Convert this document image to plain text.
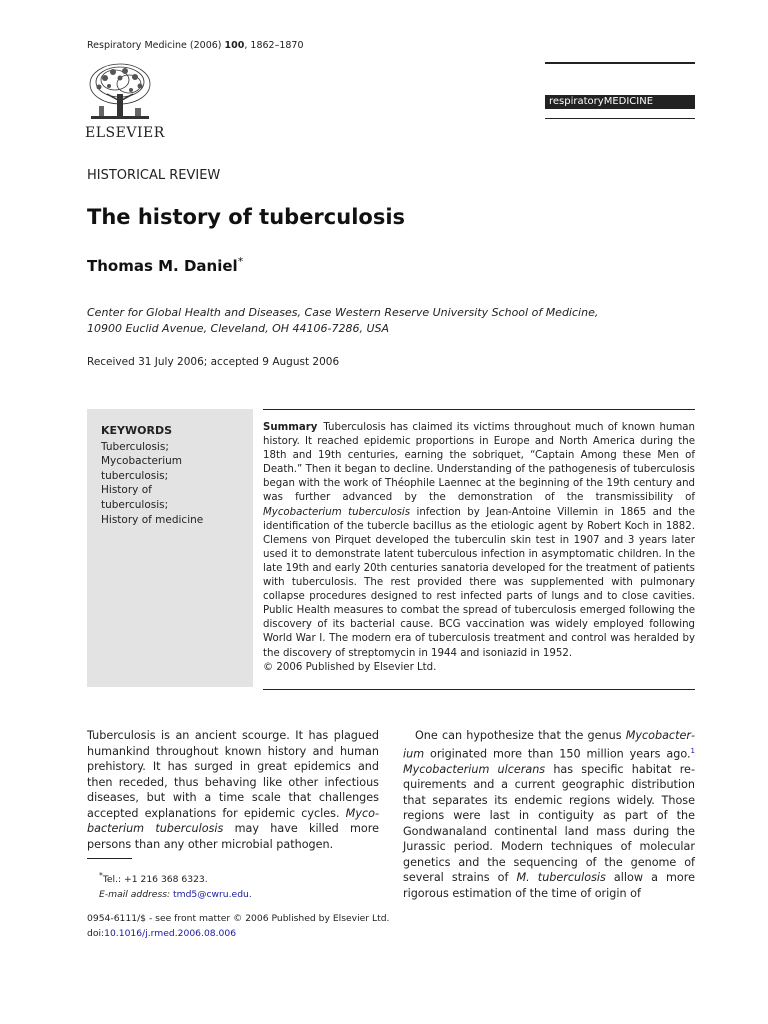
Respiratory Medicine (2006) 100, 1862–1870
ELSEVIER
respiratoryMEDICINE
HISTORICAL REVIEW
The history of tuberculosis
Thomas M. Daniel*
Center for Global Health and Diseases, Case Western Reserve University School of Medicine,
10900 Euclid Avenue, Cleveland, OH 44106-7286, USA
Received 31 July 2006; accepted 9 August 2006
KEYWORDS
Tuberculosis;
Mycobacterium tuberculosis;
History of tuberculosis;
History of medicine
Summary Tuberculosis has claimed its victims throughout much of known human history. It reached epidemic proportions in Europe and North America during the 18th and 19th centuries, earning the sobriquet, “Captain Among these Men of Death.” Then it began to decline. Understanding of the pathogenesis of tuberculosis began with the work of Théophile Laennec at the beginning of the 19th century and was further advanced by the demonstration of the transmissibility of Mycobacterium tuberculosis infection by Jean-Antoine Villemin in 1865 and the identification of the tubercle bacillus as the etiologic agent by Robert Koch in 1882. Clemens von Pirquet developed the tuberculin skin test in 1907 and 3 years later used it to demonstrate latent tuberculous infection in asymptomatic children. In the late 19th and early 20th centuries sanatoria developed for the treatment of patients with tuberculosis. The rest provided there was supplemented with pulmonary collapse procedures designed to rest infected parts of lungs and to close cavities. Public Health measures to combat the spread of tuberculosis emerged following the discovery of its bacterial cause. BCG vaccination was widely employed following World War I. The modern era of tuberculosis treatment and control was heralded by the discovery of streptomycin in 1944 and isoniazid in 1952.
© 2006 Published by Elsevier Ltd.
Tuberculosis is an ancient scourge. It has plagued humankind throughout known history and human prehistory. It has surged in great epidemics and then receded, thus behaving like other infectious diseases, but with a time scale that challenges accepted explanations for epidemic cycles. Mycobacterium tuberculosis may have killed more persons than any other microbial pathogen.
One can hypothesize that the genus Mycobacterium originated more than 150 million years ago.$^1$ Mycobacterium ulcerans has specific habitat requirements and a current geographic distribution that separates its endemic regions widely. Those regions were last in contiguity as part of the Gondwanaland continental land mass during the Jurassic period. Modern techniques of molecular genetics and the sequencing of the genome of several strains of M. tuberculosis allow a more rigorous estimation of the time of origin of
*Tel.: +1 216 368 6323.
E-mail address: tmd5@cwru.edu.
0954-6111/$ - see front matter © 2006 Published by Elsevier Ltd.
doi:10.1016/j.rmed.2006.08.006
